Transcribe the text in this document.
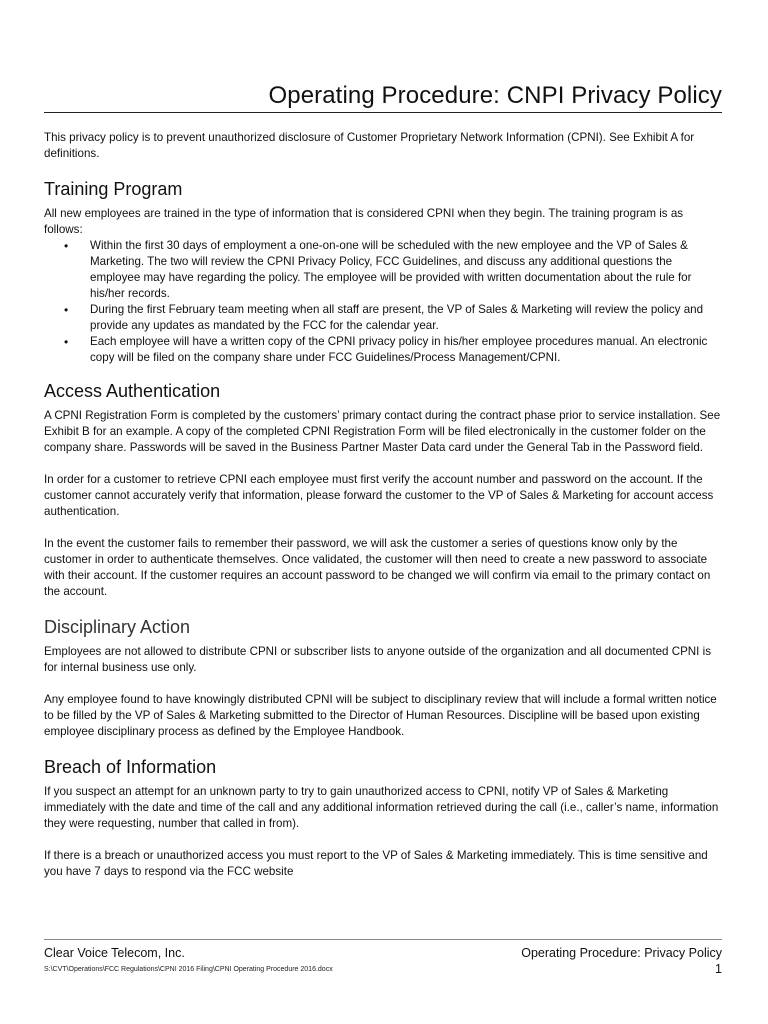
Operating Procedure: CNPI Privacy Policy

This privacy policy is to prevent unauthorized disclosure of Customer Proprietary Network Information (CPNI). See Exhibit A for definitions.

Training Program

All new employees are trained in the type of information that is considered CPNI when they begin. The training program is as follows:

• Within the first 30 days of employment a one-on-one will be scheduled with the new employee and the VP of Sales & Marketing. The two will review the CPNI Privacy Policy, FCC Guidelines, and discuss any additional questions the employee may have regarding the policy. The employee will be provided with written documentation about the rule for his/her records.
• During the first February team meeting when all staff are present, the VP of Sales & Marketing will review the policy and provide any updates as mandated by the FCC for the calendar year.
• Each employee will have a written copy of the CPNI privacy policy in his/her employee procedures manual. An electronic copy will be filed on the company share under FCC Guidelines/Process Management/CPNI.
Access Authentication

A CPNI Registration Form is completed by the customers’ primary contact during the contract phase prior to service installation. See Exhibit B for an example. A copy of the completed CPNI Registration Form will be filed electronically in the customer folder on the company share. Passwords will be saved in the Business Partner Master Data card under the General Tab in the Password field.

In order for a customer to retrieve CPNI each employee must first verify the account number and password on the account. If the customer cannot accurately verify that information, please forward the customer to the VP of Sales & Marketing for account access authentication.

In the event the customer fails to remember their password, we will ask the customer a series of questions know only by the customer in order to authenticate themselves. Once validated, the customer will then need to create a new password to associate with their account. If the customer requires an account password to be changed we will confirm via email to the primary contact on the account.

Disciplinary Action

Employees are not allowed to distribute CPNI or subscriber lists to anyone outside of the organization and all documented CPNI is for internal business use only.

Any employee found to have knowingly distributed CPNI will be subject to disciplinary review that will include a formal written notice to be filled by the VP of Sales & Marketing submitted to the Director of Human Resources. Discipline will be based upon existing employee disciplinary process as defined by the Employee Handbook.

Breach of Information

If you suspect an attempt for an unknown party to try to gain unauthorized access to CPNI, notify VP of Sales & Marketing immediately with the date and time of the call and any additional information retrieved during the call (i.e., caller’s name, information they were requesting, number that called in from).

If there is a breach or unauthorized access you must report to the VP of Sales & Marketing immediately. This is time sensitive and you have 7 days to respond via the FCC website

Clear Voice Telecom, Inc.	Operating Procedure: Privacy Policy
S:\CVT\Operations\FCC Regulations\CPNI 2016 Filing\CPNI Operating Procedure 2016.docx	1
